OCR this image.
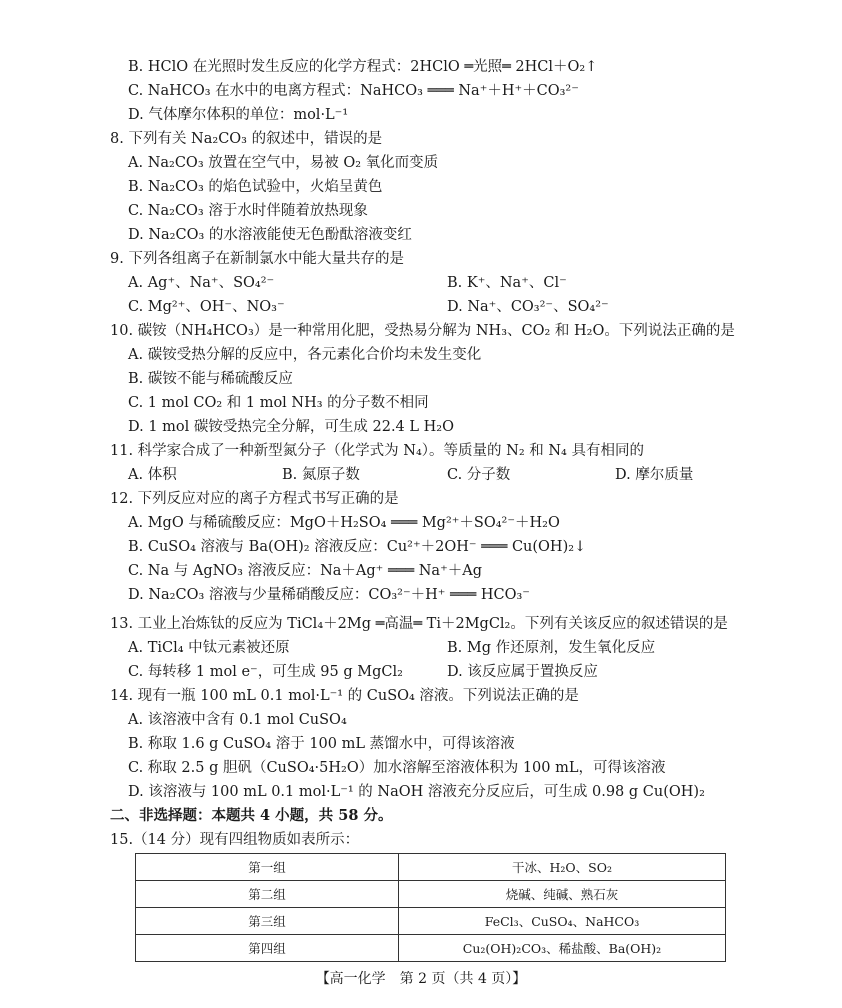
B. HClO 在光照时发生反应的化学方程式：2HClO ═光照═ 2HCl＋O₂↑
C. NaHCO₃ 在水中的电离方程式：NaHCO₃ ═══ Na⁺＋H⁺＋CO₃²⁻
D. 气体摩尔体积的单位：mol·L⁻¹
8. 下列有关 Na₂CO₃ 的叙述中，错误的是
A. Na₂CO₃ 放置在空气中，易被 O₂ 氧化而变质
B. Na₂CO₃ 的焰色试验中，火焰呈黄色
C. Na₂CO₃ 溶于水时伴随着放热现象
D. Na₂CO₃ 的水溶液能使无色酚酞溶液变红
9. 下列各组离子在新制氯水中能大量共存的是
A. Ag⁺、Na⁺、SO₄²⁻	B. K⁺、Na⁺、Cl⁻
C. Mg²⁺、OH⁻、NO₃⁻	D. Na⁺、CO₃²⁻、SO₄²⁻
10. 碳铵（NH₄HCO₃）是一种常用化肥，受热易分解为 NH₃、CO₂ 和 H₂O。下列说法正确的是
A. 碳铵受热分解的反应中，各元素化合价均未发生变化
B. 碳铵不能与稀硫酸反应
C. 1 mol CO₂ 和 1 mol NH₃ 的分子数不相同
D. 1 mol 碳铵受热完全分解，可生成 22.4 L H₂O
11. 科学家合成了一种新型氮分子（化学式为 N₄）。等质量的 N₂ 和 N₄ 具有相同的
A. 体积	B. 氮原子数	C. 分子数	D. 摩尔质量
12. 下列反应对应的离子方程式书写正确的是
A. MgO 与稀硫酸反应：MgO＋H₂SO₄ ═══ Mg²⁺＋SO₄²⁻＋H₂O
B. CuSO₄ 溶液与 Ba(OH)₂ 溶液反应：Cu²⁺＋2OH⁻ ═══ Cu(OH)₂↓
C. Na 与 AgNO₃ 溶液反应：Na＋Ag⁺ ═══ Na⁺＋Ag
D. Na₂CO₃ 溶液与少量稀硝酸反应：CO₃²⁻＋H⁺ ═══ HCO₃⁻
13. 工业上冶炼钛的反应为 TiCl₄＋2Mg ═高温═ Ti＋2MgCl₂。下列有关该反应的叙述错误的是
A. TiCl₄ 中钛元素被还原	B. Mg 作还原剂，发生氧化反应
C. 每转移 1 mol e⁻，可生成 95 g MgCl₂	D. 该反应属于置换反应
14. 现有一瓶 100 mL 0.1 mol·L⁻¹ 的 CuSO₄ 溶液。下列说法正确的是
A. 该溶液中含有 0.1 mol CuSO₄
B. 称取 1.6 g CuSO₄ 溶于 100 mL 蒸馏水中，可得该溶液
C. 称取 2.5 g 胆矾（CuSO₄·5H₂O）加水溶解至溶液体积为 100 mL，可得该溶液
D. 该溶液与 100 mL 0.1 mol·L⁻¹ 的 NaOH 溶液充分反应后，可生成 0.98 g Cu(OH)₂
二、非选择题：本题共 4 小题，共 58 分。
15.（14 分）现有四组物质如表所示：
第一组	干冰、H₂O、SO₂
第二组	烧碱、纯碱、熟石灰
第三组	FeCl₃、CuSO₄、NaHCO₃
第四组	Cu₂(OH)₂CO₃、稀盐酸、Ba(OH)₂
【高一化学　第 2 页（共 4 页）】
